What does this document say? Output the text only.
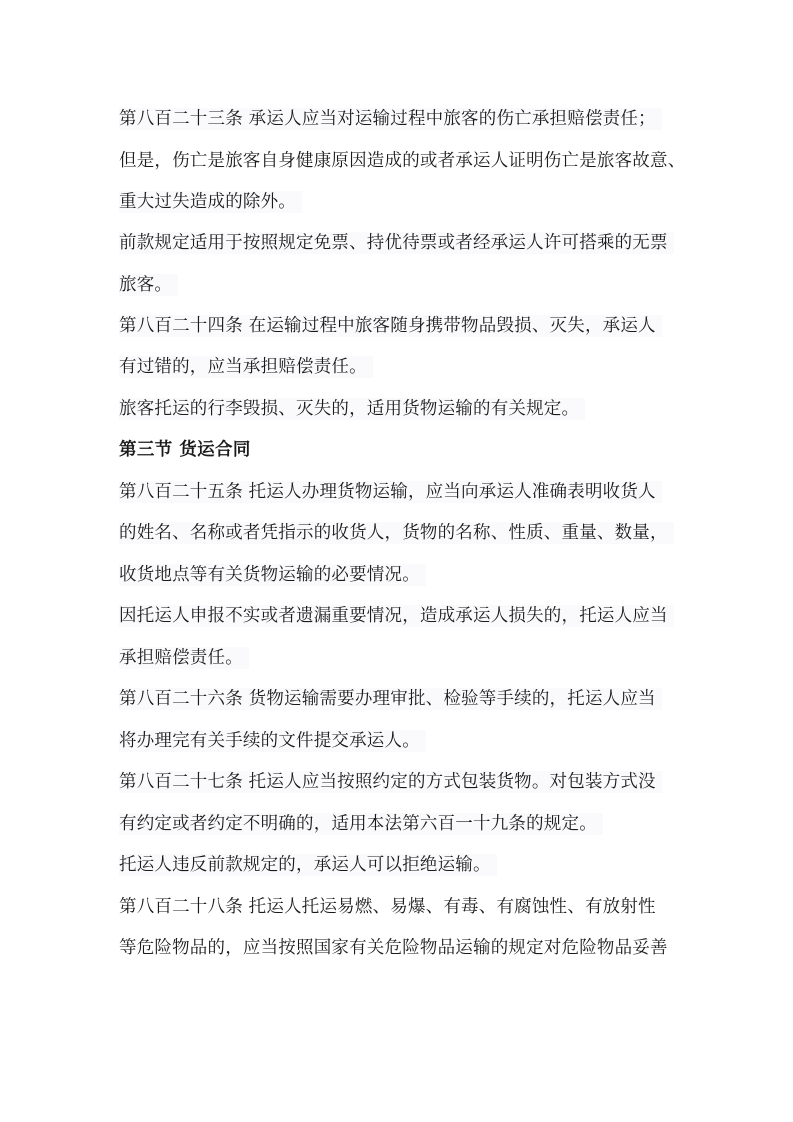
第八百二十三条 承运人应当对运输过程中旅客的伤亡承担赔偿责任；
但是，伤亡是旅客自身健康原因造成的或者承运人证明伤亡是旅客故意、
重大过失造成的除外。
前款规定适用于按照规定免票、持优待票或者经承运人许可搭乘的无票
旅客。
第八百二十四条 在运输过程中旅客随身携带物品毁损、灭失，承运人
有过错的，应当承担赔偿责任。
旅客托运的行李毁损、灭失的，适用货物运输的有关规定。
第三节 货运合同
第八百二十五条 托运人办理货物运输，应当向承运人准确表明收货人
的姓名、名称或者凭指示的收货人，货物的名称、性质、重量、数量，
收货地点等有关货物运输的必要情况。
因托运人申报不实或者遗漏重要情况，造成承运人损失的，托运人应当
承担赔偿责任。
第八百二十六条 货物运输需要办理审批、检验等手续的，托运人应当
将办理完有关手续的文件提交承运人。
第八百二十七条 托运人应当按照约定的方式包装货物。对包装方式没
有约定或者约定不明确的，适用本法第六百一十九条的规定。
托运人违反前款规定的，承运人可以拒绝运输。
第八百二十八条 托运人托运易燃、易爆、有毒、有腐蚀性、有放射性
等危险物品的，应当按照国家有关危险物品运输的规定对危险物品妥善
